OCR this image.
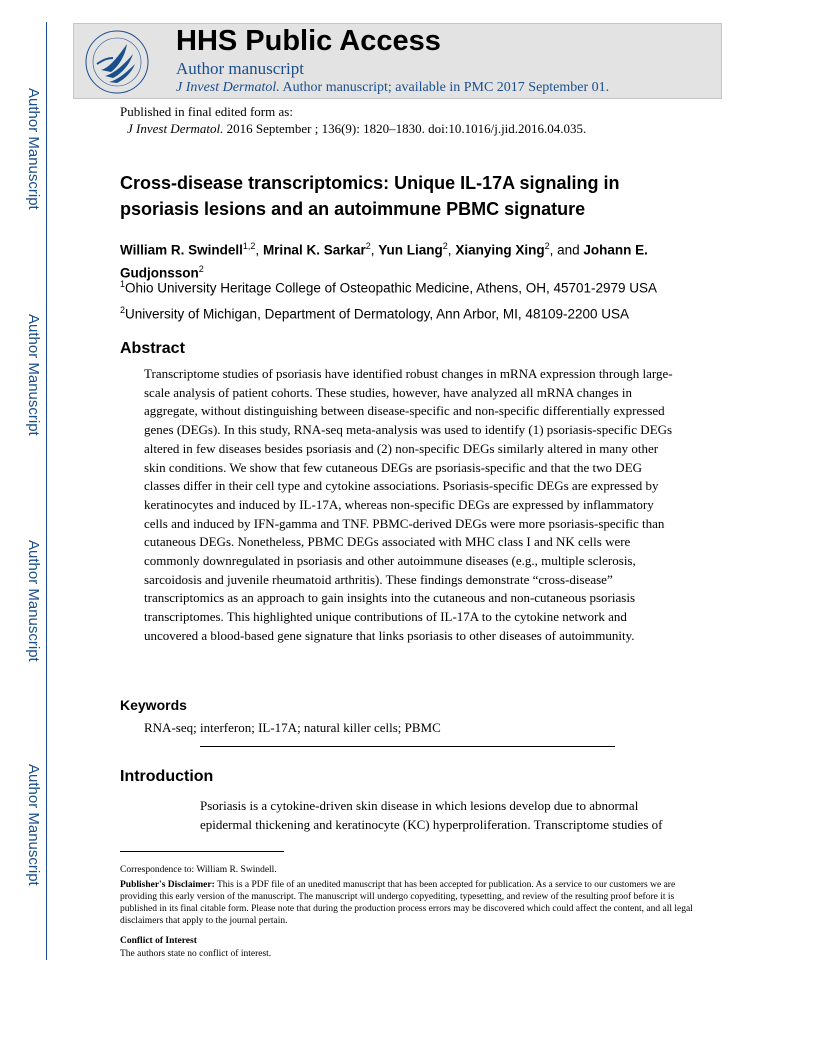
Author Manuscript
Author Manuscript
Author Manuscript
Author Manuscript
HHS Public Access
Author manuscript
J Invest Dermatol. Author manuscript; available in PMC 2017 September 01.
Published in final edited form as:
J Invest Dermatol. 2016 September ; 136(9): 1820–1830. doi:10.1016/j.jid.2016.04.035.
Cross-disease transcriptomics: Unique IL-17A signaling in psoriasis lesions and an autoimmune PBMC signature
William R. Swindell$^{1,2}$, Mrinal K. Sarkar$^2$, Yun Liang$^2$, Xianying Xing$^2$, and Johann E. Gudjonsson$^2$
$^1$Ohio University Heritage College of Osteopathic Medicine, Athens, OH, 45701-2979 USA
$^2$University of Michigan, Department of Dermatology, Ann Arbor, MI, 48109-2200 USA
Abstract
Transcriptome studies of psoriasis have identified robust changes in mRNA expression through large-scale analysis of patient cohorts. These studies, however, have analyzed all mRNA changes in aggregate, without distinguishing between disease-specific and non-specific differentially expressed genes (DEGs). In this study, RNA-seq meta-analysis was used to identify (1) psoriasis-specific DEGs altered in few diseases besides psoriasis and (2) non-specific DEGs similarly altered in many other skin conditions. We show that few cutaneous DEGs are psoriasis-specific and that the two DEG classes differ in their cell type and cytokine associations. Psoriasis-specific DEGs are expressed by keratinocytes and induced by IL-17A, whereas non-specific DEGs are expressed by inflammatory cells and induced by IFN-gamma and TNF. PBMC-derived DEGs were more psoriasis-specific than cutaneous DEGs. Nonetheless, PBMC DEGs associated with MHC class I and NK cells were commonly downregulated in psoriasis and other autoimmune diseases (e.g., multiple sclerosis, sarcoidosis and juvenile rheumatoid arthritis). These findings demonstrate “cross-disease” transcriptomics as an approach to gain insights into the cutaneous and non-cutaneous psoriasis transcriptomes. This highlighted unique contributions of IL-17A to the cytokine network and uncovered a blood-based gene signature that links psoriasis to other diseases of autoimmunity.
Keywords
RNA-seq; interferon; IL-17A; natural killer cells; PBMC
Introduction
Psoriasis is a cytokine-driven skin disease in which lesions develop due to abnormal epidermal thickening and keratinocyte (KC) hyperproliferation. Transcriptome studies of
Correspondence to: William R. Swindell.
Publisher's Disclaimer: This is a PDF file of an unedited manuscript that has been accepted for publication. As a service to our customers we are providing this early version of the manuscript. The manuscript will undergo copyediting, typesetting, and review of the resulting proof before it is published in its final citable form. Please note that during the production process errors may be discovered which could affect the content, and all legal disclaimers that apply to the journal pertain.
Conflict of Interest
The authors state no conflict of interest.
